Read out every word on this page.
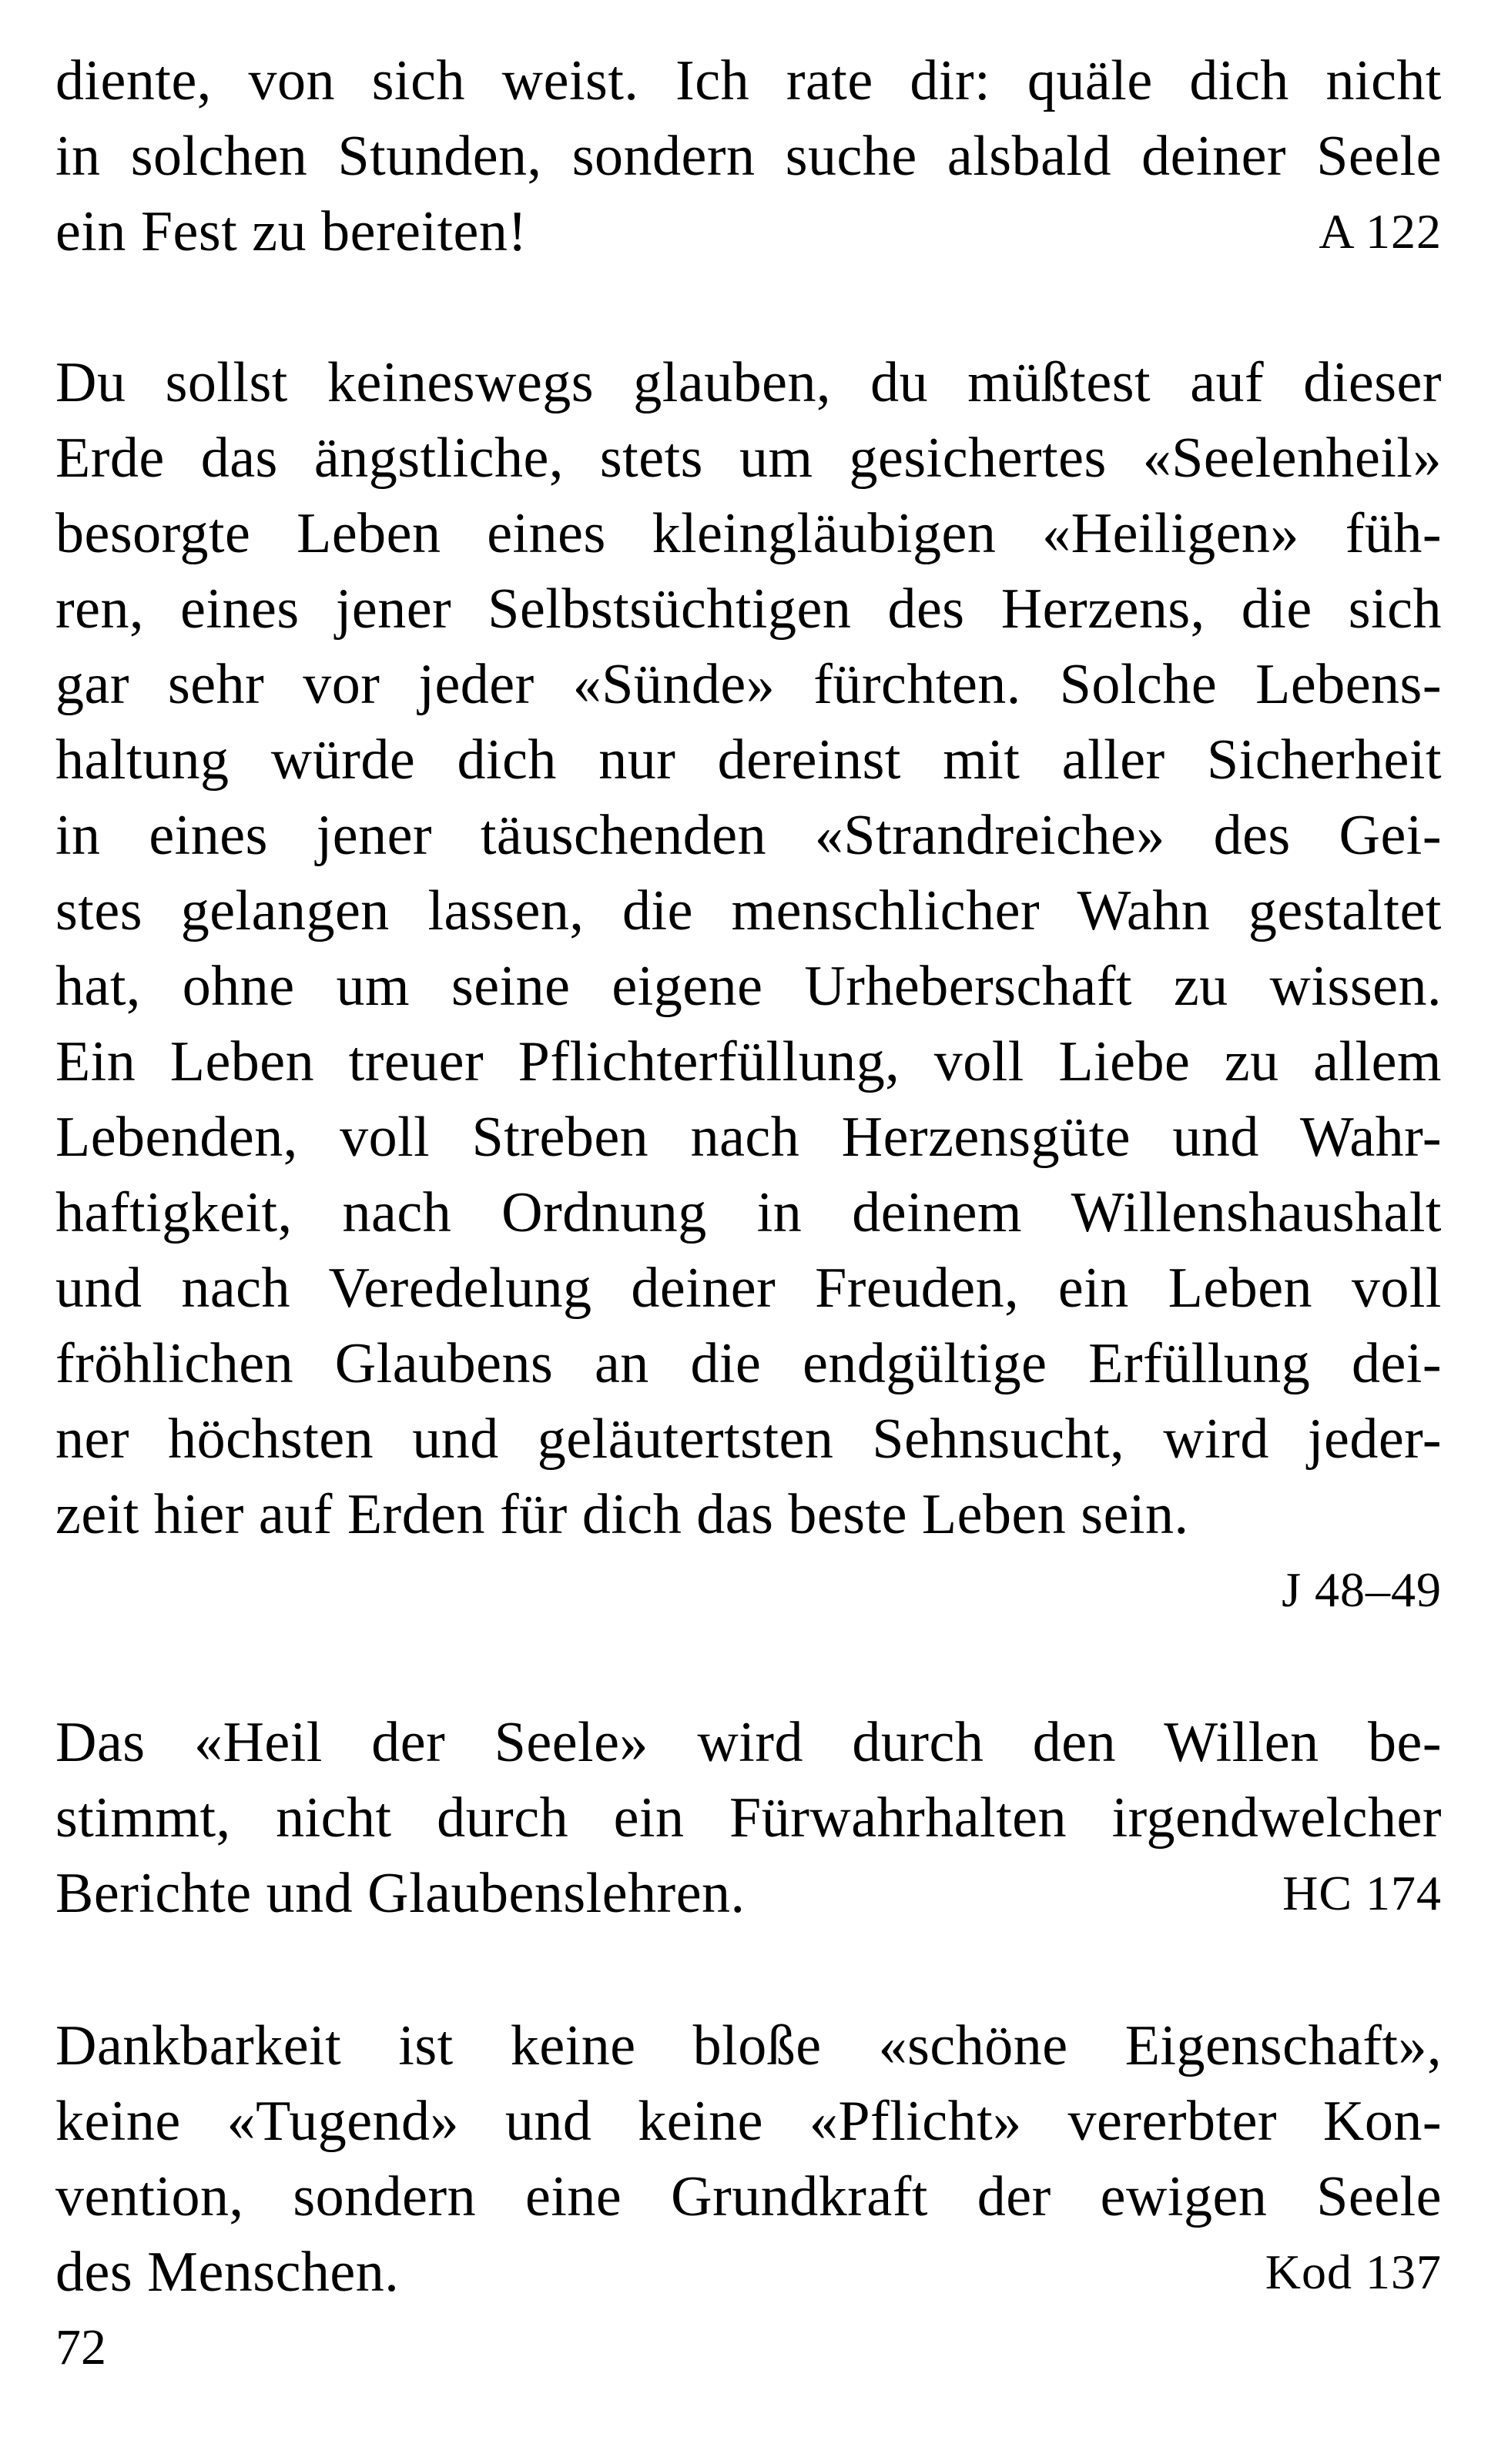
diente, von sich weist. Ich rate dir: quäle dich nicht
in solchen Stunden, sondern suche alsbald deiner Seele
ein Fest zu bereiten!	A 122
Du sollst keineswegs glauben, du müßtest auf dieser
Erde das ängstliche, stets um gesichertes «Seelenheil»
besorgte Leben eines kleingläubigen «Heiligen» füh-
ren, eines jener Selbstsüchtigen des Herzens, die sich
gar sehr vor jeder «Sünde» fürchten. Solche Lebens-
haltung würde dich nur dereinst mit aller Sicherheit
in eines jener täuschenden «Strandreiche» des Gei-
stes gelangen lassen, die menschlicher Wahn gestaltet
hat, ohne um seine eigene Urheberschaft zu wissen.
Ein Leben treuer Pflichterfüllung, voll Liebe zu allem
Lebenden, voll Streben nach Herzensgüte und Wahr-
haftigkeit, nach Ordnung in deinem Willenshaushalt
und nach Veredelung deiner Freuden, ein Leben voll
fröhlichen Glaubens an die endgültige Erfüllung dei-
ner höchsten und geläutertsten Sehnsucht, wird jeder-
zeit hier auf Erden für dich das beste Leben sein.
J 48–49
Das «Heil der Seele» wird durch den Willen be-
stimmt, nicht durch ein Fürwahrhalten irgendwelcher
Berichte und Glaubenslehren.	HC 174
Dankbarkeit ist keine bloße «schöne Eigenschaft»,
keine «Tugend» und keine «Pflicht» vererbter Kon-
vention, sondern eine Grundkraft der ewigen Seele
des Menschen.	Kod 137
72
